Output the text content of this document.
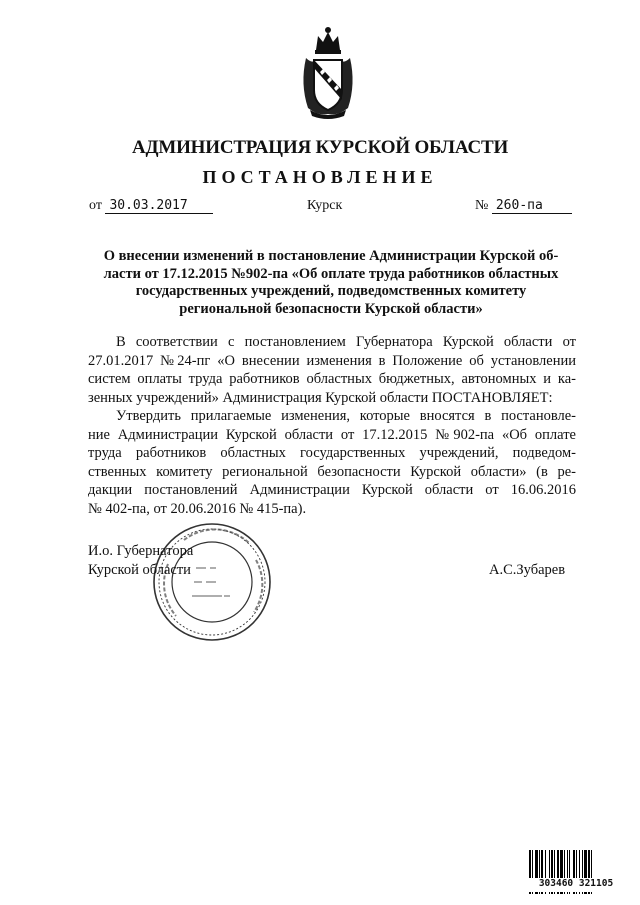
АДМИНИСТРАЦИЯ КУРСКОЙ ОБЛАСТИ
ПОСТАНОВЛЕНИЕ
от 30.03.2017	Курск	№ 260-па
О внесении изменений в постановление Администрации Курской об-
ласти от 17.12.2015 №902-па «Об оплате труда работников областных
государственных учреждений, подведомственных комитету
региональной безопасности Курской области»
В соответствии с постановлением Губернатора Курской области от
27.01.2017 №24-пг «О внесении изменения в Положение об установлении
систем оплаты труда работников областных бюджетных, автономных и ка-
зенных учреждений» Администрация Курской области ПОСТАНОВЛЯЕТ:
Утвердить прилагаемые изменения, которые вносятся в постановле-
ние Администрации Курской области от 17.12.2015 №902-па «Об оплате
труда работников областных государственных учреждений, подведом-
ственных комитету региональной безопасности Курской области» (в ре-
дакции постановлений Администрации Курской области от 16.06.2016
№ 402-па, от 20.06.2016 № 415-па).
И.о. Губернатора
Курской области	А.С.Зубарев
303460 321105
